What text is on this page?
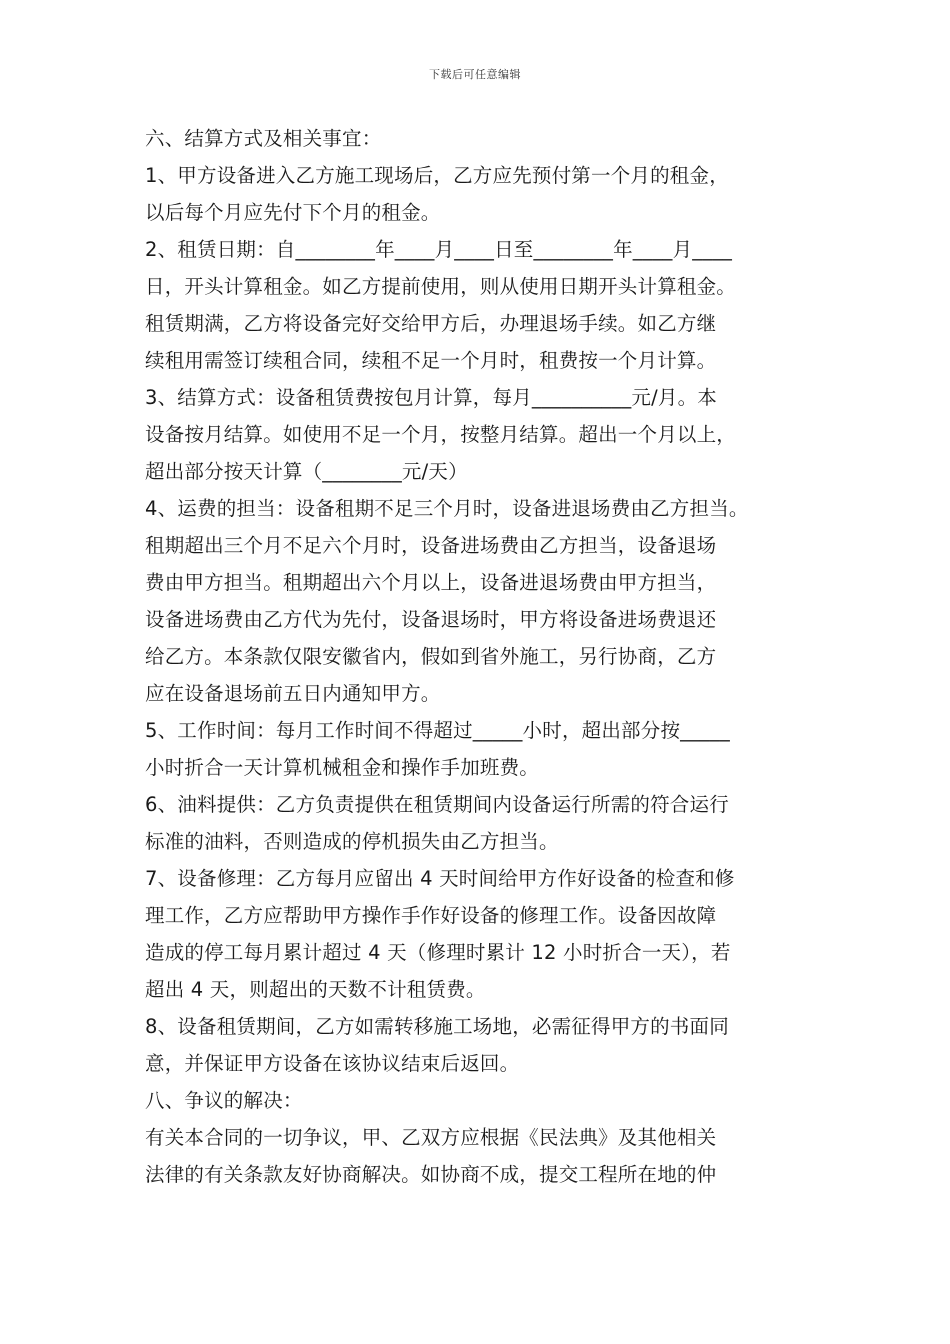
下载后可任意编辑
六、结算方式及相关事宜：
1、甲方设备进入乙方施工现场后，乙方应先预付第一个月的租金，
以后每个月应先付下个月的租金。
2、租赁日期：自________年____月____日至________年____月____
日，开头计算租金。如乙方提前使用，则从使用日期开头计算租金。
租赁期满，乙方将设备完好交给甲方后，办理退场手续。如乙方继
续租用需签订续租合同，续租不足一个月时，租费按一个月计算。
3、结算方式：设备租赁费按包月计算，每月__________元/月。本
设备按月结算。如使用不足一个月，按整月结算。超出一个月以上，
超出部分按天计算（________元/天）
4、运费的担当：设备租期不足三个月时，设备进退场费由乙方担当。
租期超出三个月不足六个月时，设备进场费由乙方担当，设备退场
费由甲方担当。租期超出六个月以上，设备进退场费由甲方担当，
设备进场费由乙方代为先付，设备退场时，甲方将设备进场费退还
给乙方。本条款仅限安徽省内，假如到省外施工，另行协商，乙方
应在设备退场前五日内通知甲方。
5、工作时间：每月工作时间不得超过_____小时，超出部分按_____
小时折合一天计算机械租金和操作手加班费。
6、油料提供：乙方负责提供在租赁期间内设备运行所需的符合运行
标准的油料，否则造成的停机损失由乙方担当。
7、设备修理：乙方每月应留出 4 天时间给甲方作好设备的检查和修
理工作，乙方应帮助甲方操作手作好设备的修理工作。设备因故障
造成的停工每月累计超过 4 天（修理时累计 12 小时折合一天），若
超出 4 天，则超出的天数不计租赁费。
8、设备租赁期间，乙方如需转移施工场地，必需征得甲方的书面同
意，并保证甲方设备在该协议结束后返回。
八、争议的解决：
有关本合同的一切争议，甲、乙双方应根据《民法典》及其他相关
法律的有关条款友好协商解决。如协商不成，提交工程所在地的仲
